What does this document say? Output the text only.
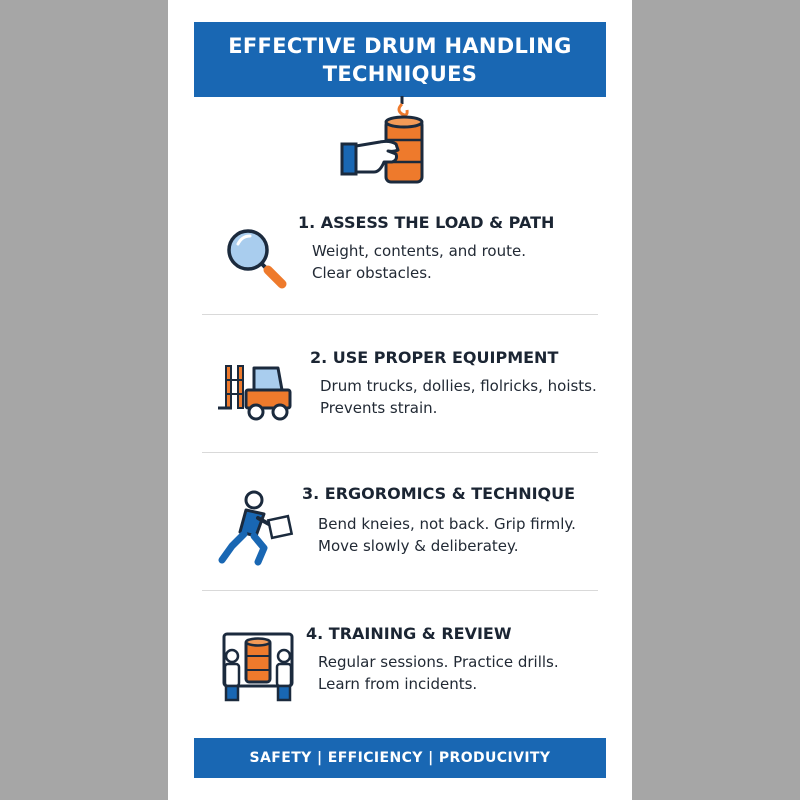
EFFECTIVE DRUM HANDLING
TECHNIQUES
1. ASSESS THE LOAD & PATH
Weight, contents, and route.
Clear obstacles.
2. USE PROPER EQUIPMENT
Drum trucks, dollies, flolricks, hoists.
Prevents strain.
3. ERGOROMICS & TECHNIQUE
Bend kneies, not back. Grip firmly.
Move slowly & deliberatey.
4. TRAINING & REVIEW
Regular sessions. Practice drills.
Learn from incidents.
SAFETY | EFFICIENCY | PRODUCIVITY
